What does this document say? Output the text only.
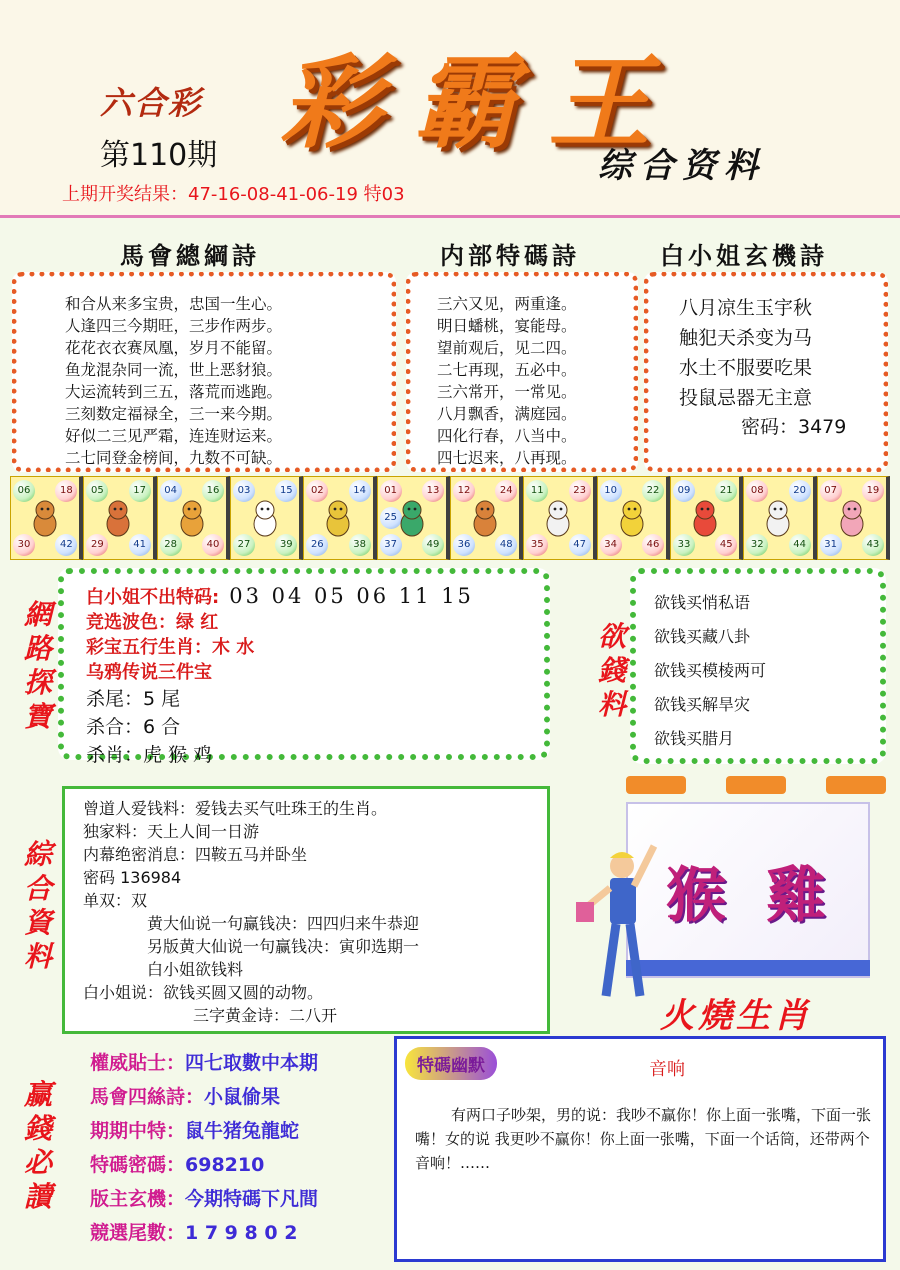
六合彩 彩霸王
第110期	综合资料
上期开奖结果：47-16-08-41-06-19 特03
馬會總綱詩	内部特碼詩	白小姐玄機詩
和合从来多宝贵，忠国一生心。
人逢四三今期旺，三步作两步。
花花衣衣赛凤凰，岁月不能留。
鱼龙混杂同一流，世上恶豺狼。
大运流转到三五，落荒而逃跑。
三刻数定福禄全，三一来今期。
好似二三见严霜，连连财运来。
二七同登金榜间，九数不可缺。
三六又见，两重逢。
明日蟠桃，宴能母。
望前观后，见二四。
二七再现，五必中。
三六常开，一常见。
八月飘香，满庭园。
四化行春，八当中。
四七迟来，八再现。
八月凉生玉宇秋
触犯天杀变为马
水土不服要吃果
投鼠忌器无主意
密码：3479
06	18
30	42
05	17
29	41
04	16
28	40
03	15
27	39
02	14
26	38
01	13
25
37	49
12	24
36	48
11	23
35	47
10	22
34	46
09	21
33	45
08	20
32	44
07	19
31	43
網
路
探
寶
白小姐不出特码: 03 04 05 06 11 15
竞选波色：绿 红
彩宝五行生肖：木 水
乌鸦传说三件宝
杀尾：5 尾
杀合：6 合
杀肖：虎 猴 鸡
欲
錢
料
欲钱买悄私语
欲钱买藏八卦
欲钱买模棱两可
欲钱买解旱灾
欲钱买腊月
綜
合
資
料
曾道人爱钱料：爱钱去买气吐珠王的生肖。
独家料：天上人间一日游
内幕绝密消息：四鞍五马并卧坐
密码 136984
单双：双
黄大仙说一句赢钱决：四四归来牛恭迎
另版黄大仙说一句赢钱决：寅卯选期一
白小姐欲钱料
白小姐说：欲钱买圆又圆的动物。
三字黄金诗：二八开
猴 雞
火燒生肖
赢
錢
必
讀
權威貼士：四七取數中本期
馬會四絲詩：小鼠偷果
期期中特：鼠牛猪兔龍蛇
特碼密碼：698210
版主玄機：今期特碼下凡間
競選尾數：1 7 9 8 0 2
特碼幽默	音响
有两口子吵架，男的说：我吵不赢你！你上面一张嘴，下面一张嘴！女的说 我更吵不赢你！你上面一张嘴，下面一个话筒，还带两个音响！……
